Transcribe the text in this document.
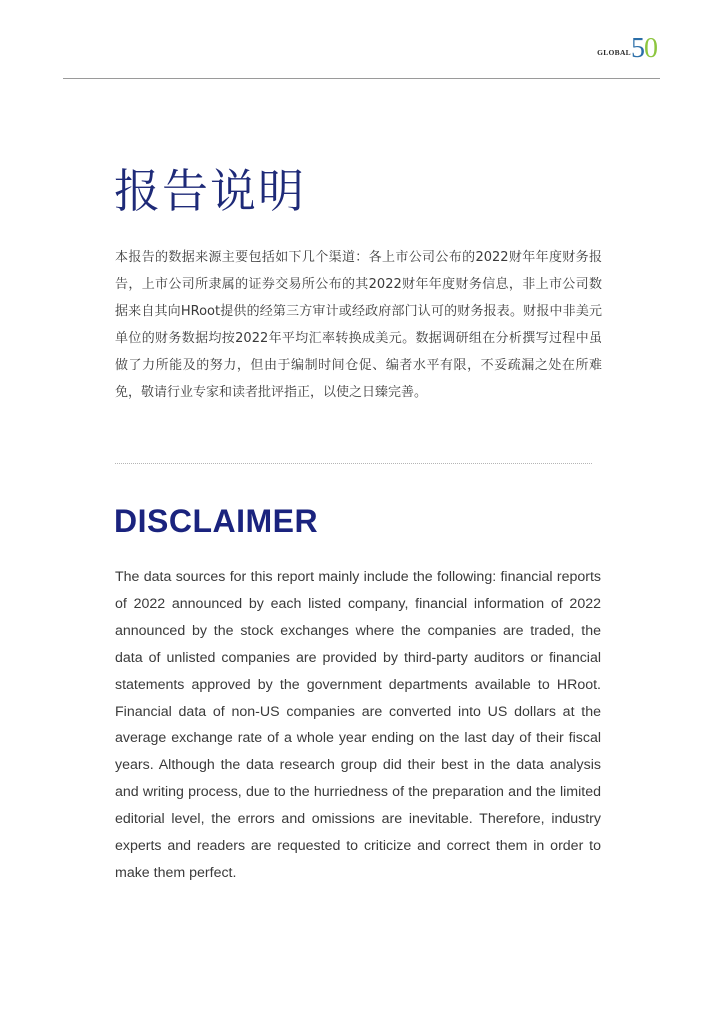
GLOBAL 5 0
报告说明

本报告的数据来源主要包括如下几个渠道：各上市公司公布的2022财年年度财务报告，上市公司所隶属的证券交易所公布的其2022财年年度财务信息，非上市公司数据来自其向HRoot提供的经第三方审计或经政府部门认可的财务报表。财报中非美元单位的财务数据均按2022年平均汇率转换成美元。数据调研组在分析撰写过程中虽做了力所能及的努力，但由于编制时间仓促、编者水平有限，不妥疏漏之处在所难免，敬请行业专家和读者批评指正，以使之日臻完善。

DISCLAIMER

The data sources for this report mainly include the following: financial reports of 2022 announced by each listed company, financial information of 2022 announced by the stock exchanges where the companies are traded, the data of unlisted companies are provided by third-party auditors or financial statements approved by the government departments available to HRoot. Financial data of non-US companies are converted into US dollars at the average exchange rate of a whole year ending on the last day of their fiscal years. Although the data research group did their best in the data analysis and writing process, due to the hurriedness of the preparation and the limited editorial level, the errors and omissions are inevitable. Therefore, industry experts and readers are requested to criticize and correct them in order to make them perfect.
